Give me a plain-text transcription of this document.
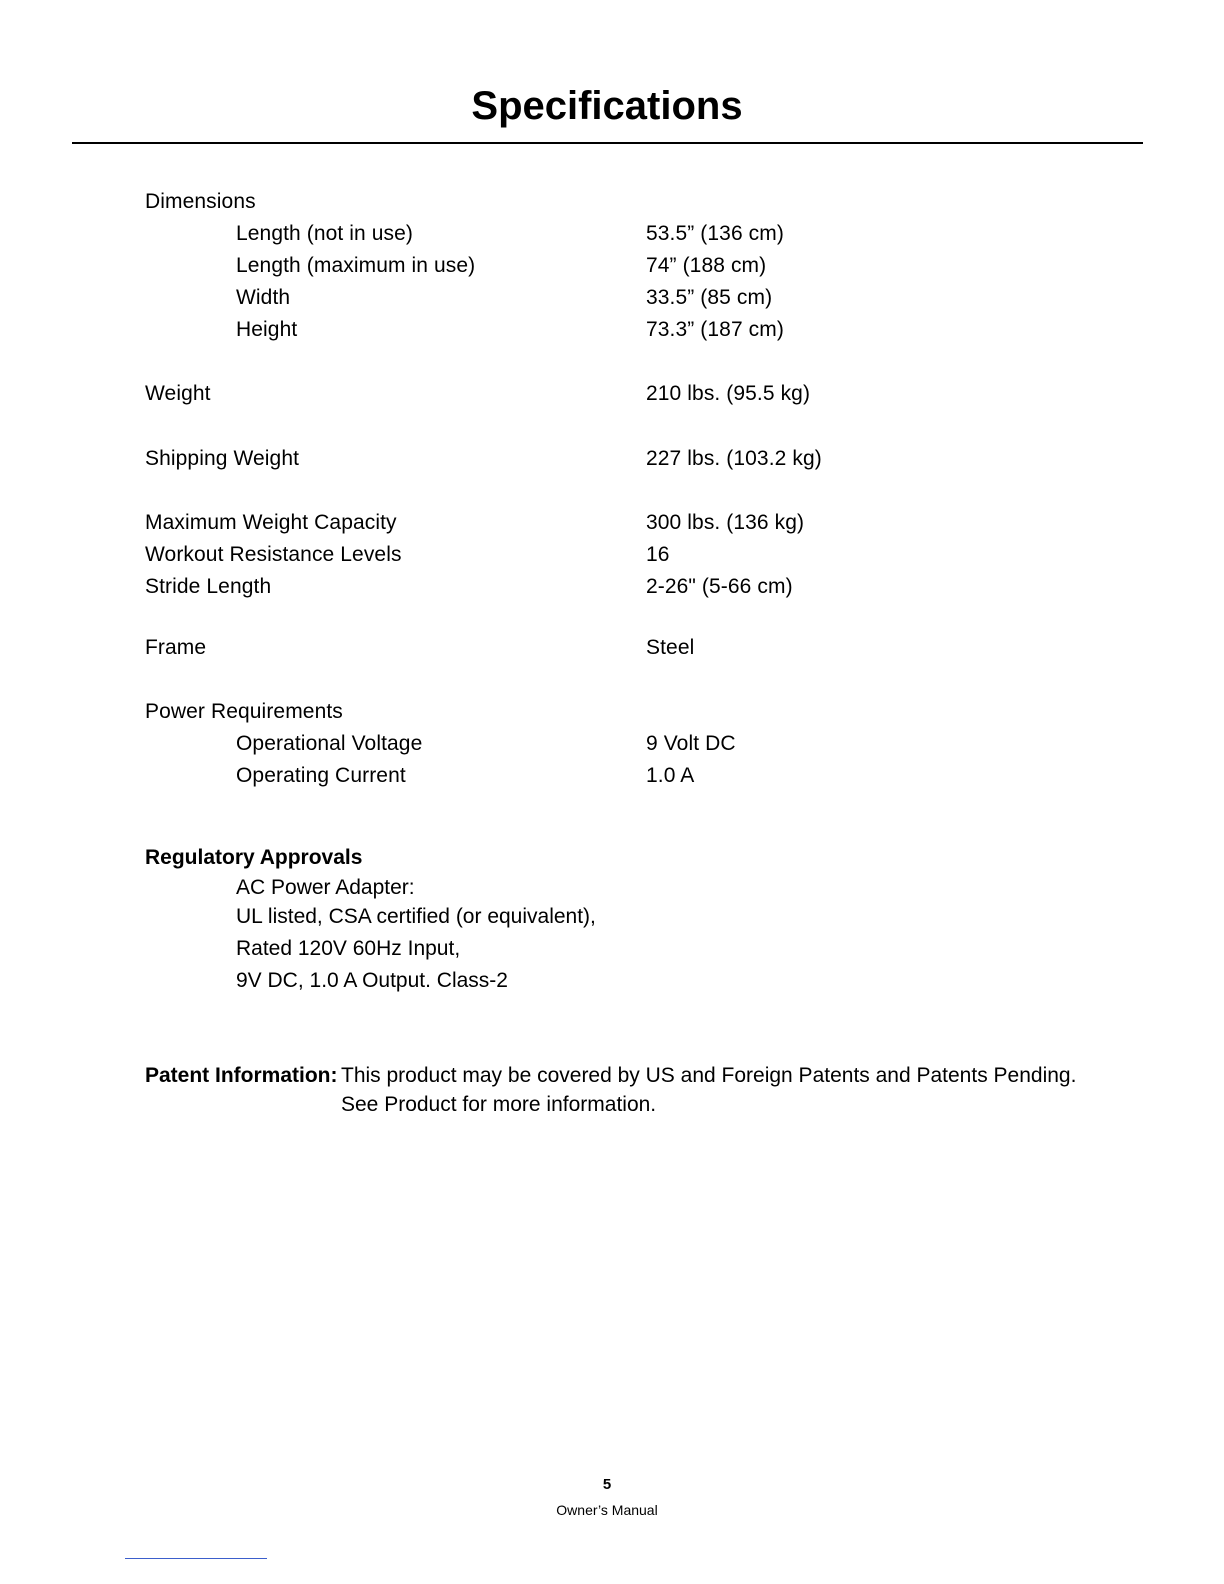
Specifications
Dimensions
Length (not in use)	53.5” (136 cm)
Length (maximum in use)	74” (188 cm)
Width	33.5” (85 cm)
Height	73.3” (187 cm)
Weight	210 lbs. (95.5 kg)
Shipping Weight	227 lbs. (103.2 kg)
Maximum Weight Capacity	300 lbs. (136 kg)
Workout Resistance Levels	16
Stride Length	2-26" (5-66 cm)
Frame	Steel
Power Requirements
Operational Voltage	9 Volt DC
Operating Current	1.0 A
Regulatory Approvals
AC Power Adapter:
UL listed, CSA certified (or equivalent),
Rated 120V 60Hz Input,
9V DC, 1.0 A Output. Class-2
Patent Information: This product may be covered by US and Foreign Patents and Patents Pending.
See Product for more information.
5
Owner’s Manual
